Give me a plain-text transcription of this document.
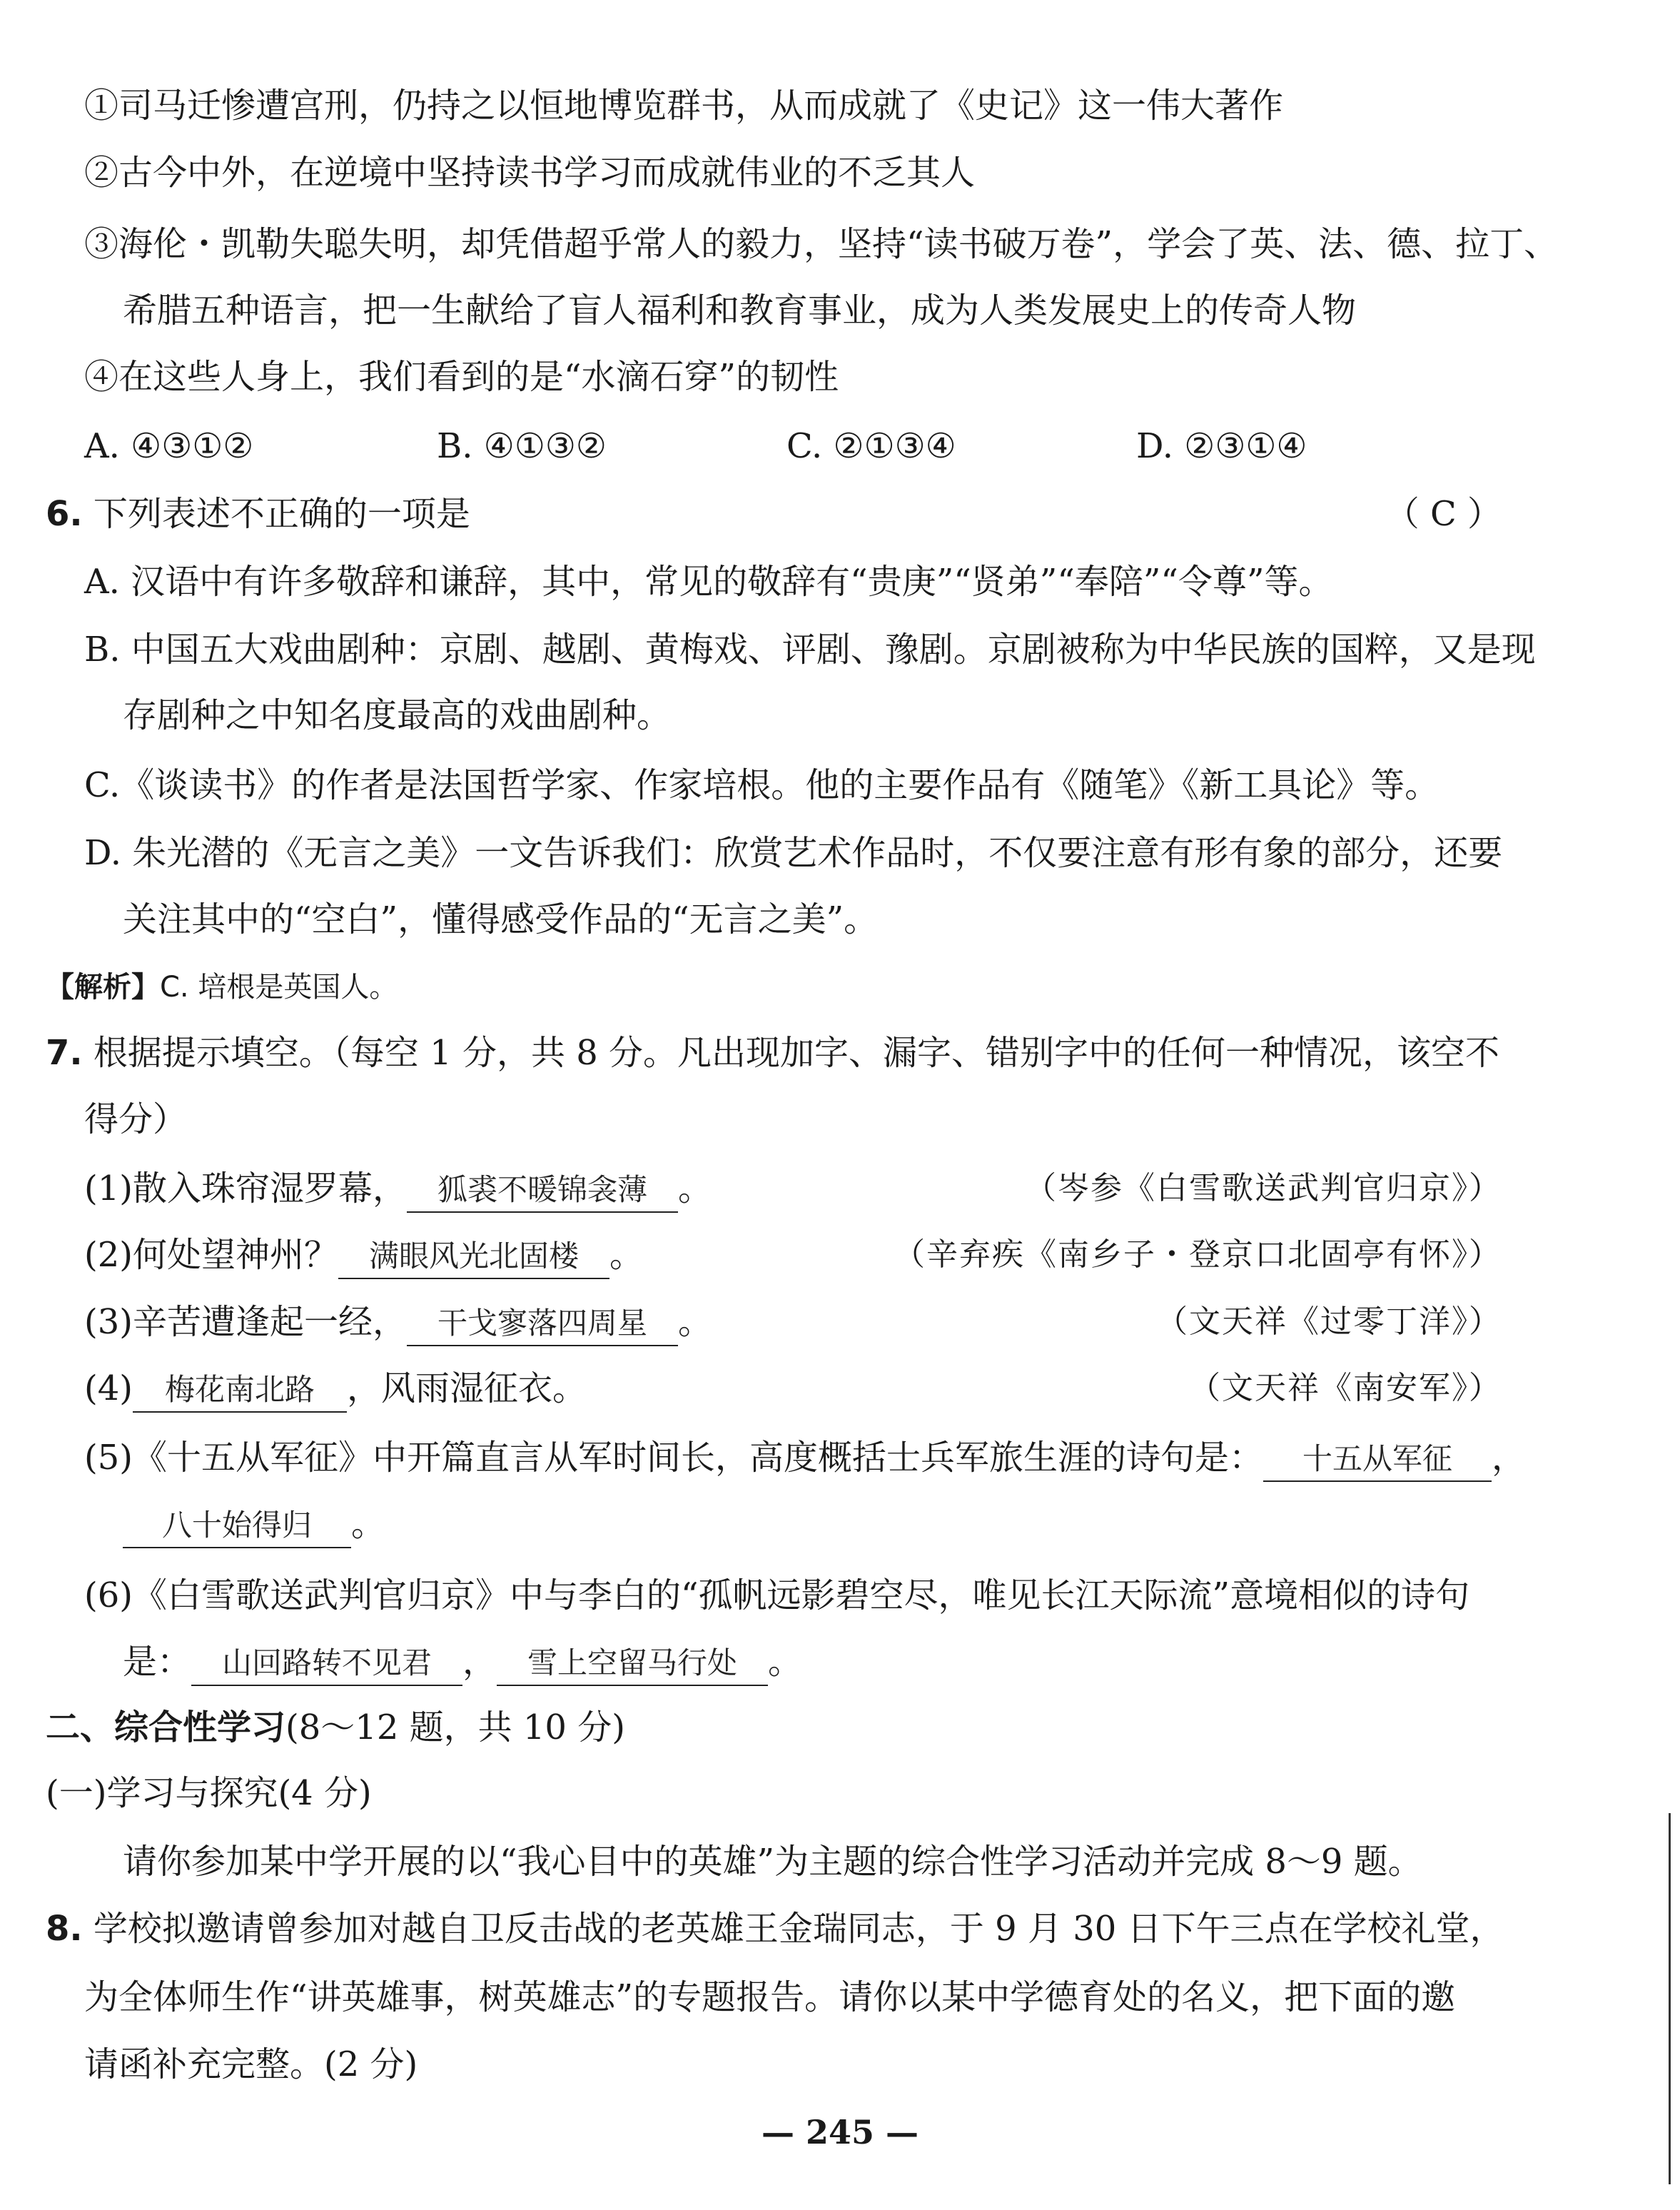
①司马迁惨遭宫刑，仍持之以恒地博览群书，从而成就了《史记》这一伟大著作
②古今中外，在逆境中坚持读书学习而成就伟业的不乏其人
③海伦・凯勒失聪失明，却凭借超乎常人的毅力，坚持“读书破万卷”，学会了英、法、德、拉丁、
希腊五种语言，把一生献给了盲人福利和教育事业，成为人类发展史上的传奇人物
④在这些人身上，我们看到的是“水滴石穿”的韧性
A. ④③①②	B. ④①③②	C. ②①③④	D. ②③①④
6. 下列表述不正确的一项是	（ C ）
A. 汉语中有许多敬辞和谦辞，其中，常见的敬辞有“贵庚”“贤弟”“奉陪”“令尊”等。
B. 中国五大戏曲剧种：京剧、越剧、黄梅戏、评剧、豫剧。京剧被称为中华民族的国粹，又是现
存剧种之中知名度最高的戏曲剧种。
C.《谈读书》的作者是法国哲学家、作家培根。他的主要作品有《随笔》《新工具论》等。
D. 朱光潜的《无言之美》一文告诉我们：欣赏艺术作品时，不仅要注意有形有象的部分，还要
关注其中的“空白”，懂得感受作品的“无言之美”。
【解析】C. 培根是英国人。
7. 根据提示填空。（每空 1 分，共 8 分。凡出现加字、漏字、错别字中的任何一种情况，该空不
得分）
(1)散入珠帘湿罗幕， 狐裘不暖锦衾薄 。	（岑参《白雪歌送武判官归京》）
(2)何处望神州？ 满眼风光北固楼 。	（辛弃疾《南乡子・登京口北固亭有怀》）
(3)辛苦遭逢起一经， 干戈寥落四周星 。	（文天祥《过零丁洋》）
(4) 梅花南北路 ，风雨湿征衣。	（文天祥《南安军》）
(5)《十五从军征》中开篇直言从军时间长，高度概括士兵军旅生涯的诗句是： 十五从军征 ，
八十始得归 。
(6)《白雪歌送武判官归京》中与李白的“孤帆远影碧空尽，唯见长江天际流”意境相似的诗句
是： 山回路转不见君 ， 雪上空留马行处 。
二、综合性学习(8～12 题，共 10 分)
(一)学习与探究(4 分)
请你参加某中学开展的以“我心目中的英雄”为主题的综合性学习活动并完成 8～9 题。
8. 学校拟邀请曾参加对越自卫反击战的老英雄王金瑞同志，于 9 月 30 日下午三点在学校礼堂，
为全体师生作“讲英雄事，树英雄志”的专题报告。请你以某中学德育处的名义，把下面的邀
请函补充完整。(2 分)
— 245 —
